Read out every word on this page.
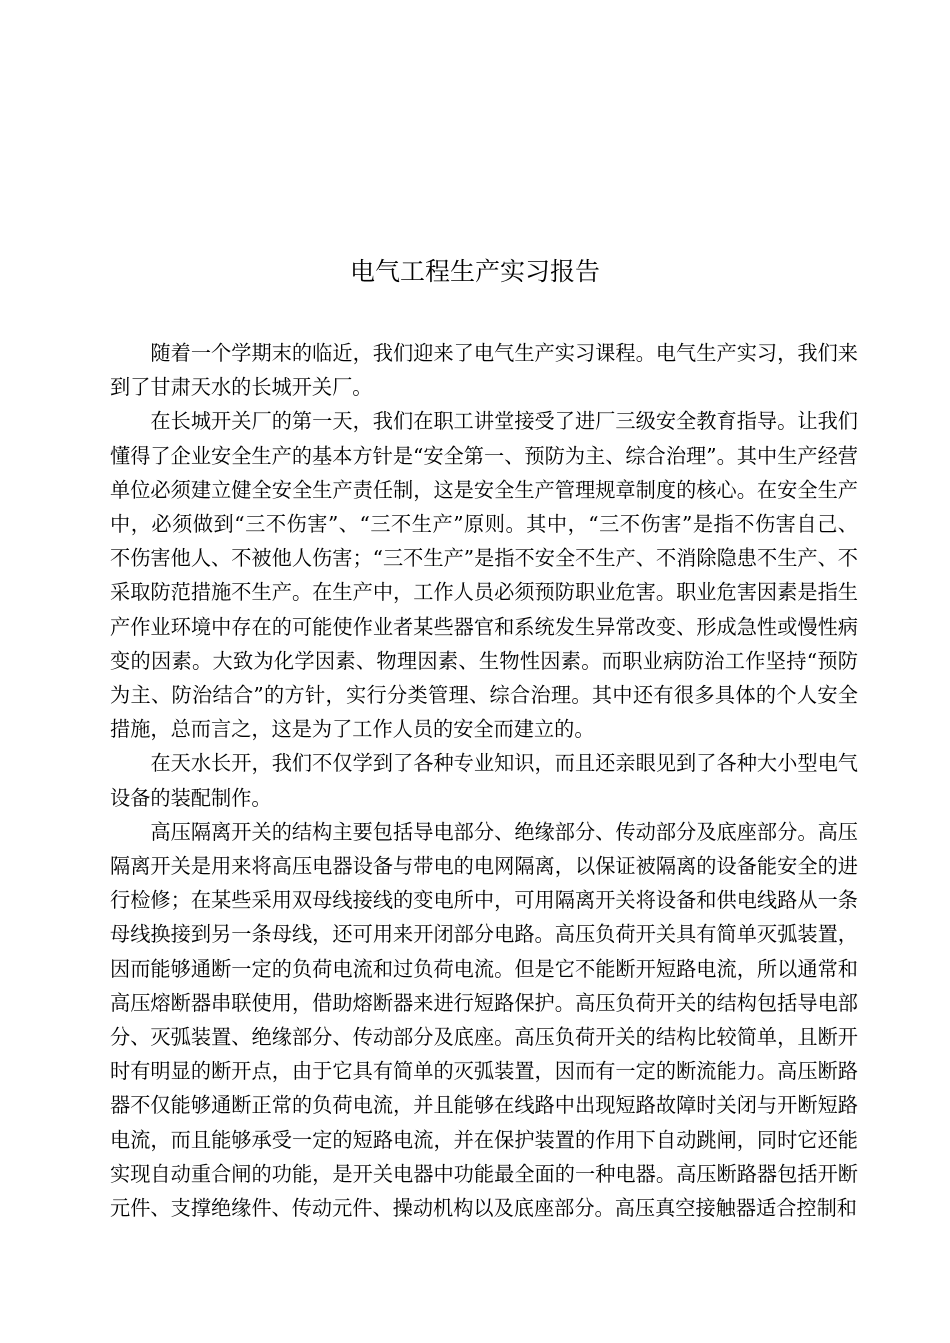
电气工程生产实习报告

随着一个学期末的临近，我们迎来了电气生产实习课程。电气生产实习，我们来到了甘肃天水的长城开关厂。

在长城开关厂的第一天，我们在职工讲堂接受了进厂三级安全教育指导。让我们懂得了企业安全生产的基本方针是“安全第一、预防为主、综合治理”。其中生产经营单位必须建立健全安全生产责任制，这是安全生产管理规章制度的核心。在安全生产中，必须做到“三不伤害”、“三不生产”原则。其中，“三不伤害”是指不伤害自己、不伤害他人、不被他人伤害；“三不生产”是指不安全不生产、不消除隐患不生产、不采取防范措施不生产。在生产中，工作人员必须预防职业危害。职业危害因素是指生产作业环境中存在的可能使作业者某些器官和系统发生异常改变、形成急性或慢性病变的因素。大致为化学因素、物理因素、生物性因素。而职业病防治工作坚持“预防为主、防治结合”的方针，实行分类管理、综合治理。其中还有很多具体的个人安全措施，总而言之，这是为了工作人员的安全而建立的。

在天水长开，我们不仅学到了各种专业知识，而且还亲眼见到了各种大小型电气设备的装配制作。

高压隔离开关的结构主要包括导电部分、绝缘部分、传动部分及底座部分。高压隔离开关是用来将高压电器设备与带电的电网隔离，以保证被隔离的设备能安全的进行检修；在某些采用双母线接线的变电所中，可用隔离开关将设备和供电线路从一条母线换接到另一条母线，还可用来开闭部分电路。高压负荷开关具有简单灭弧装置，因而能够通断一定的负荷电流和过负荷电流。但是它不能断开短路电流，所以通常和高压熔断器串联使用，借助熔断器来进行短路保护。高压负荷开关的结构包括导电部分、灭弧装置、绝缘部分、传动部分及底座。高压负荷开关的结构比较简单，且断开时有明显的断开点，由于它具有简单的灭弧装置，因而有一定的断流能力。高压断路器不仅能够通断正常的负荷电流，并且能够在线路中出现短路故障时关闭与开断短路电流，而且能够承受一定的短路电流，并在保护装置的作用下自动跳闸，同时它还能实现自动重合闸的功能，是开关电器中功能最全面的一种电器。高压断路器包括开断元件、支撑绝缘件、传动元件、操动机构以及底座部分。高压真空接触器适合控制和
